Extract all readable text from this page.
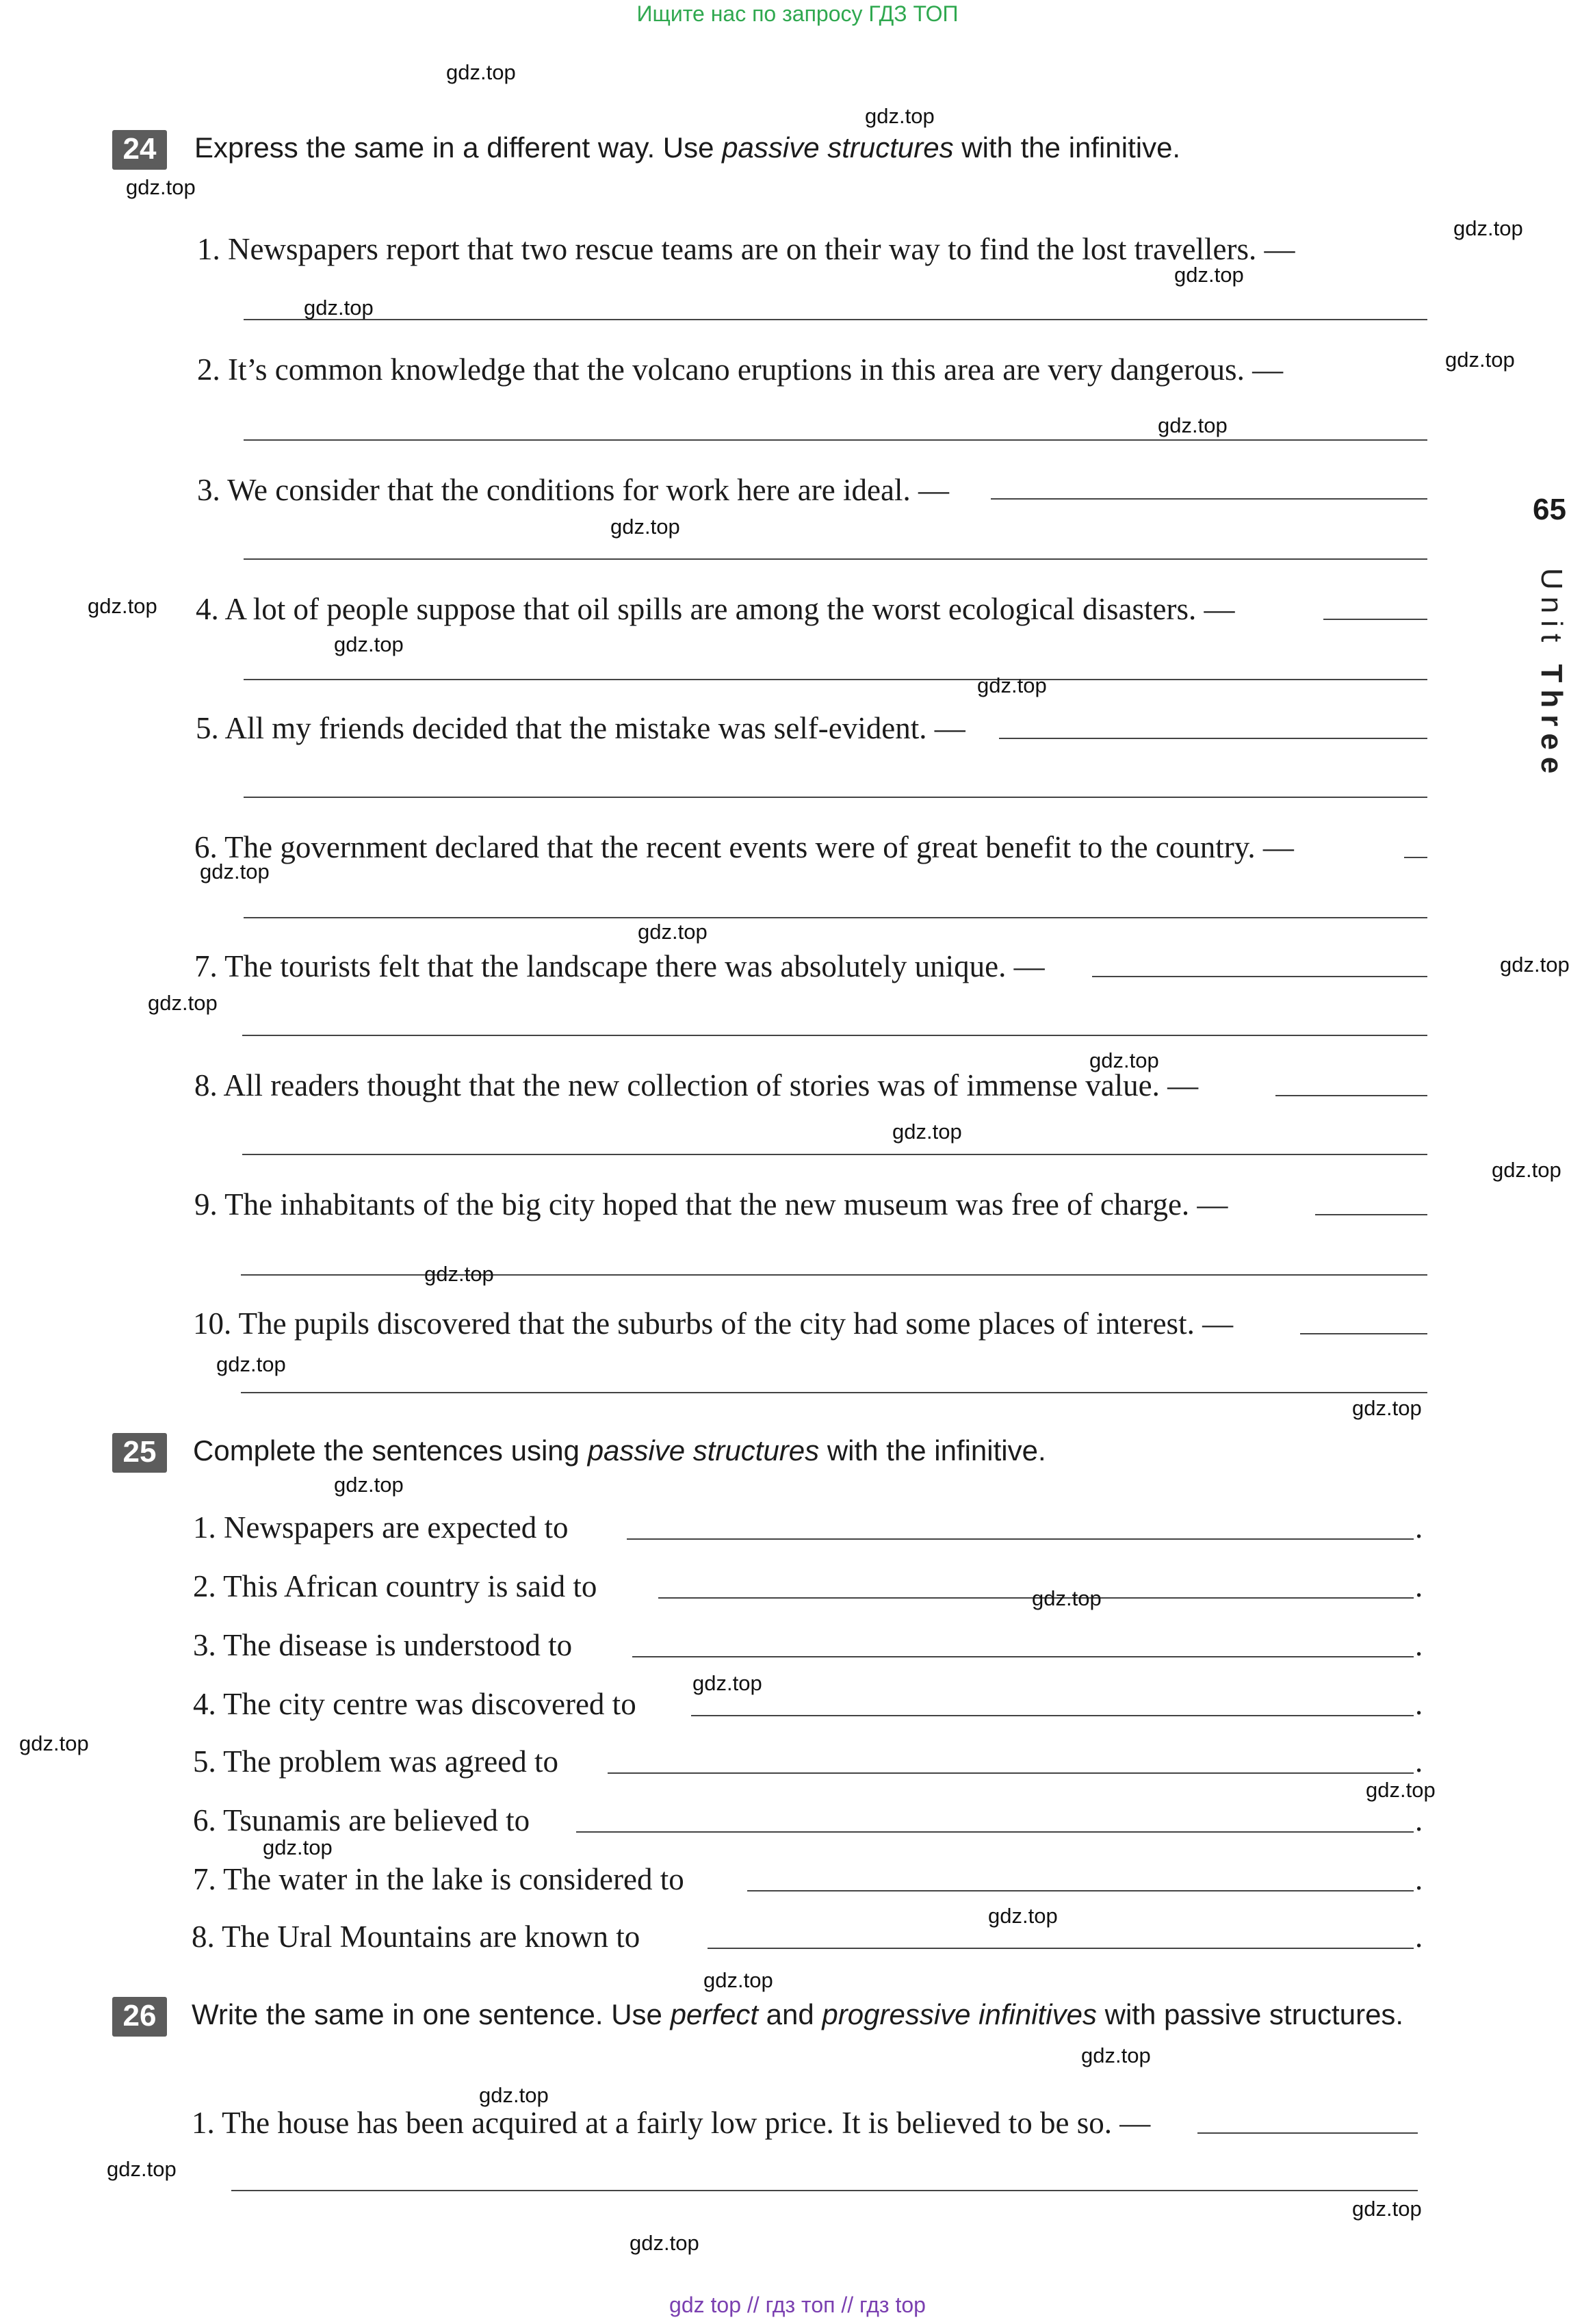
Ищите нас по запросу ГДЗ ТОП
24	Express the same in a different way. Use passive structures with the infinitive.
1. Newspapers report that two rescue teams are on their way to find the lost travellers. —
2. It’s common knowledge that the volcano eruptions in this area are very dangerous. —
3. We consider that the conditions for work here are ideal. —
4. A lot of people suppose that oil spills are among the worst ecological disasters. —
5. All my friends decided that the mistake was self-evident. —
6. The government declared that the recent events were of great benefit to the country. —
7. The tourists felt that the landscape there was absolutely unique. —
8. All readers thought that the new collection of stories was of immense value. —
9. The inhabitants of the big city hoped that the new museum was free of charge. —
10. The pupils discovered that the suburbs of the city had some places of interest. —
25	Complete the sentences using passive structures with the infinitive.
1. Newspapers are expected to	.
2. This African country is said to	.
3. The disease is understood to	.
4. The city centre was discovered to	.
5. The problem was agreed to	.
6. Tsunamis are believed to	.
7. The water in the lake is considered to	.
8. The Ural Mountains are known to	.
26	Write the same in one sentence. Use perfect and progressive infinitives with passive structures.
1. The house has been acquired at a fairly low price. It is believed to be so. —
65
Unit Three
gdz.top
gdz.top
gdz.top
gdz.top
gdz.top
gdz.top
gdz.top
gdz.top
gdz.top
gdz.top
gdz.top
gdz.top
gdz.top
gdz.top
gdz.top
gdz.top
gdz.top
gdz.top
gdz.top
gdz.top
gdz.top
gdz.top
gdz.top
gdz.top
gdz.top
gdz.top
gdz.top
gdz.top
gdz.top
gdz.top
gdz.top
gdz.top
gdz.top
gdz.top
gdz.top
gdz top // гдз топ // гдз top
